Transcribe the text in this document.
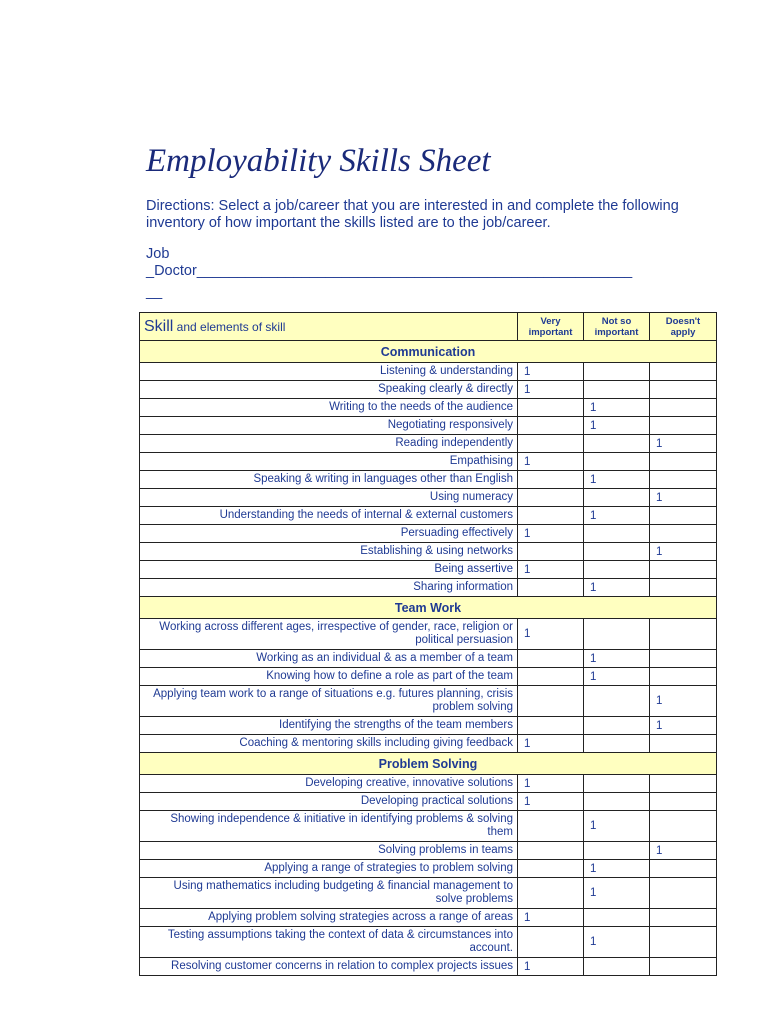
Employability Skills Sheet
Directions: Select a job/career that you are interested in and complete the following inventory of how important the skills listed are to the job/career.
Job
_Doctor______________________________________________________
__
Skill and elements of skill	Very important	Not so important	Doesn't apply
Communication			
Listening & understanding	1		
Speaking clearly & directly	1		
Writing to the needs of the audience		1	
Negotiating responsively		1	
Reading independently			1
Empathising	1		
Speaking & writing in languages other than English		1	
Using numeracy			1
Understanding the needs of internal & external customers		1	
Persuading effectively	1		
Establishing & using networks			1
Being assertive	1		
Sharing information		1	
Team Work			
Working across different ages, irrespective of gender, race, religion or political persuasion	1		
Working as an individual & as a member of a team		1	
Knowing how to define a role as part of the team		1	
Applying team work to a range of situations e.g. futures planning, crisis problem solving			1
Identifying the strengths of the team members			1
Coaching & mentoring skills including giving feedback	1		
Problem Solving			
Developing creative, innovative solutions	1		
Developing practical solutions	1		
Showing independence & initiative in identifying problems & solving them		1	
Solving problems in teams			1
Applying a range of strategies to problem solving		1	
Using mathematics including budgeting & financial management to solve problems		1	
Applying problem solving strategies across a range of areas	1		
Testing assumptions taking the context of data & circumstances into account.		1	
Resolving customer concerns in relation to complex projects issues	1		
